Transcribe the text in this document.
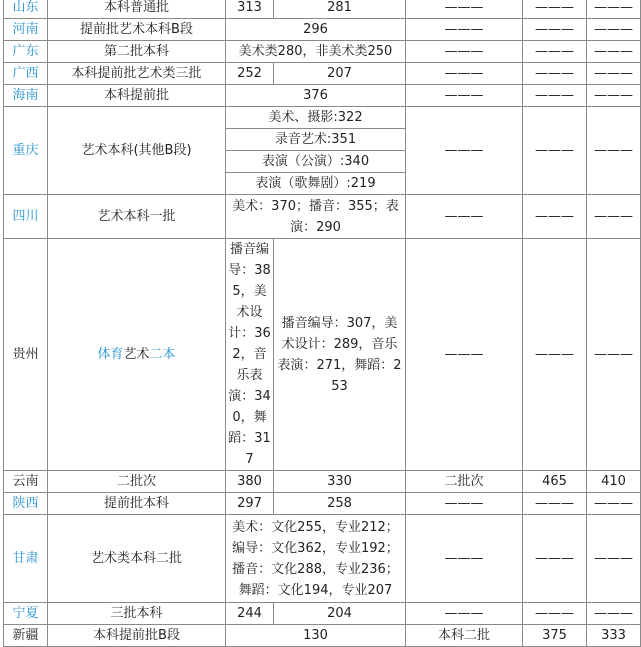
山东	本科普通批	313	281	———	———	———
河南	提前批艺术本科B段	296		———	———	———
广东	第二批本科	美术类280，非美术类250		———	———	———
广西	本科提前批艺术类三批	252	207	———	———	———
海南	本科提前批	376		———	———	———
重庆	艺术本科(其他B段)	美术、摄影:322		———	———	———
		录音艺术:351				
		表演（公演）:340				
		表演（歌舞剧）:219				
四川	艺术本科一批	美术：370；播音：355；表演：290		———	———	———
贵州	体育艺术二本	播音编导：385，美术设计：362，音乐表演：340，舞蹈：317	播音编导：307，美术设计：289，音乐表演：271，舞蹈：253	———	———	———
云南	二批次	380	330	二批次	465	410
陕西	提前批本科	297	258	———	———	———
甘肃	艺术类本科二批	美术：文化255，专业212；编导：文化362，专业192；播音：文化288，专业236；舞蹈：文化194，专业207		———	———	———
宁夏	三批本科	244	204	———	———	———
新疆	本科提前批B段	130		本科二批	375	333
